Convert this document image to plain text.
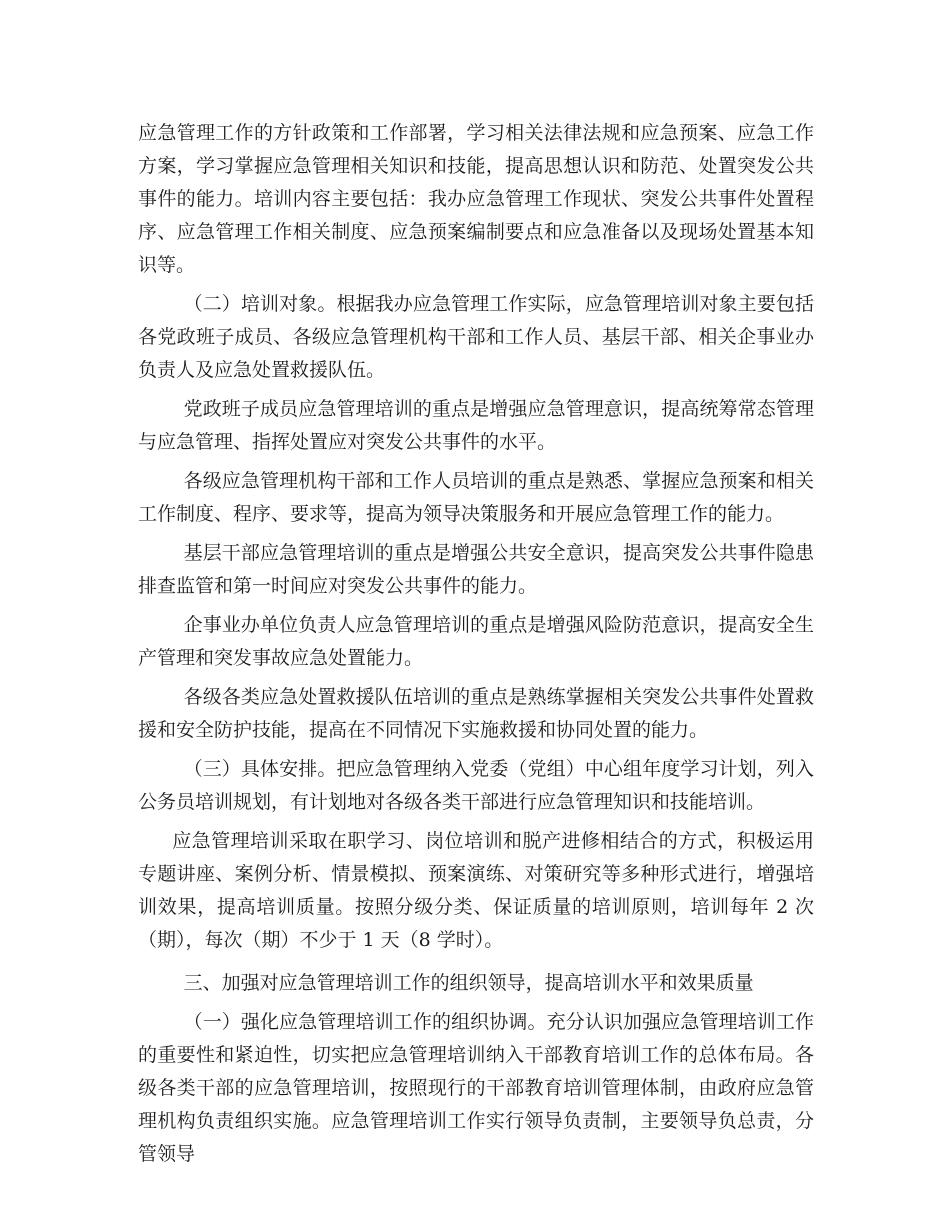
应急管理工作的方针政策和工作部署，学习相关法律法规和应急预案、应急工作方案，学习掌握应急管理相关知识和技能，提高思想认识和防范、处置突发公共事件的能力。培训内容主要包括：我办应急管理工作现状、突发公共事件处置程序、应急管理工作相关制度、应急预案编制要点和应急准备以及现场处置基本知识等。

（二）培训对象。根据我办应急管理工作实际，应急管理培训对象主要包括各党政班子成员、各级应急管理机构干部和工作人员、基层干部、相关企事业办负责人及应急处置救援队伍。

党政班子成员应急管理培训的重点是增强应急管理意识，提高统筹常态管理与应急管理、指挥处置应对突发公共事件的水平。

各级应急管理机构干部和工作人员培训的重点是熟悉、掌握应急预案和相关工作制度、程序、要求等，提高为领导决策服务和开展应急管理工作的能力。

基层干部应急管理培训的重点是增强公共安全意识，提高突发公共事件隐患排查监管和第一时间应对突发公共事件的能力。

企事业办单位负责人应急管理培训的重点是增强风险防范意识，提高安全生产管理和突发事故应急处置能力。

各级各类应急处置救援队伍培训的重点是熟练掌握相关突发公共事件处置救援和安全防护技能，提高在不同情况下实施救援和协同处置的能力。

（三）具体安排。把应急管理纳入党委（党组）中心组年度学习计划，列入公务员培训规划，有计划地对各级各类干部进行应急管理知识和技能培训。

应急管理培训采取在职学习、岗位培训和脱产进修相结合的方式，积极运用专题讲座、案例分析、情景模拟、预案演练、对策研究等多种形式进行，增强培训效果，提高培训质量。按照分级分类、保证质量的培训原则，培训每年 2 次（期），每次（期）不少于 1 天（8 学时）。

三、加强对应急管理培训工作的组织领导，提高培训水平和效果质量

（一）强化应急管理培训工作的组织协调。充分认识加强应急管理培训工作的重要性和紧迫性，切实把应急管理培训纳入干部教育培训工作的总体布局。各级各类干部的应急管理培训，按照现行的干部教育培训管理体制，由政府应急管理机构负责组织实施。应急管理培训工作实行领导负责制，主要领导负总责，分管领导
